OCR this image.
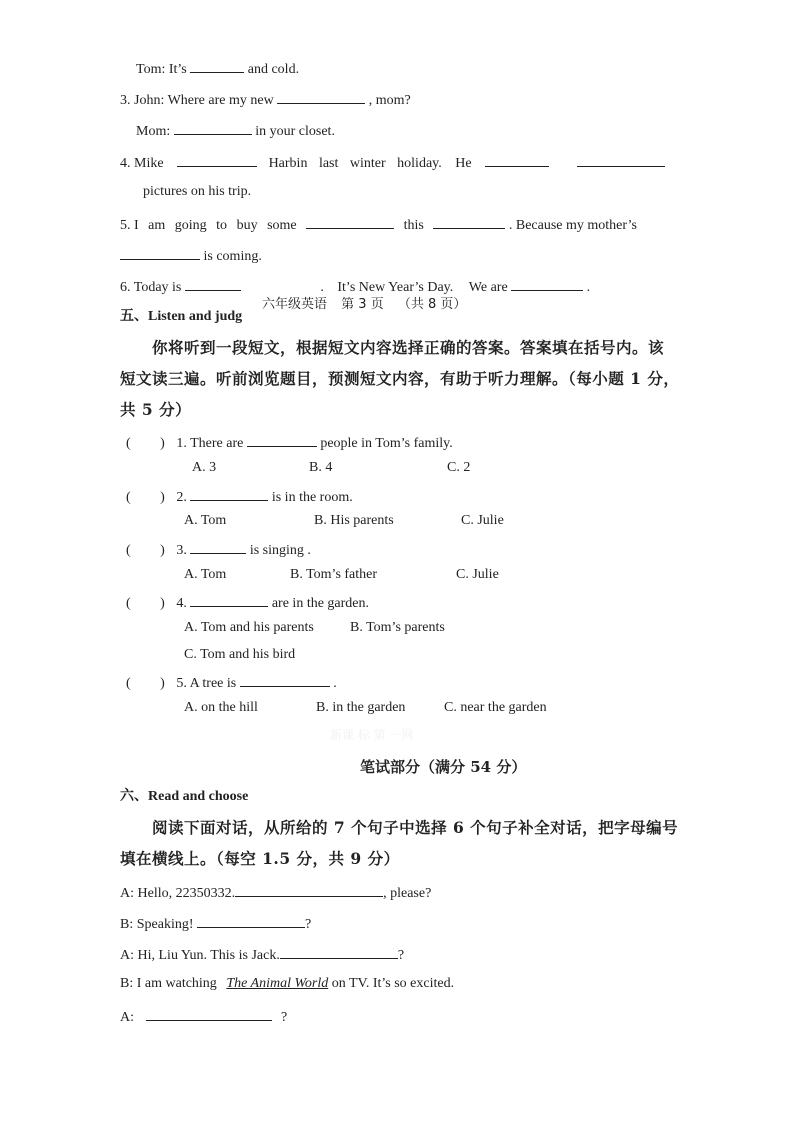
Tom: It’s	and cold.
3. John: Where are my new	, mom?
Mom:	in your closet.
4. Mike	Harbin last winter holiday. He
pictures on his trip.
5. I am going to buy some	this	. Because my mother’s
is coming.
6. Today is	. It’s New Year’s Day. We are	.
六年级英语 第 3 页 （共 8 页）
五、Listen and judg
你将听到一段短文，根据短文内容选择正确的答案。答案填在括号内。该
短文读三遍。听前浏览题目，预测短文内容，有助于听力理解。（每小题 1 分，
共 5 分）
( ) 1. There are	people in Tom’s family.
A. 3	B. 4	C. 2
( ) 2.	is in the room.
A. Tom	B. His parents	C. Julie
( ) 3.	is singing .
A. Tom	B. Tom’s father	C. Julie
( ) 4.	are in the garden.
A. Tom and his parents	B. Tom’s parents
C. Tom and his bird
( ) 5. A tree is	.
A. on the hill	B. in the garden	C. near the garden
新课 标 第 一网
笔试部分（满分 54 分）
六、Read and choose
阅读下面对话，从所给的 7 个句子中选择 6 个句子补全对话，把字母编号
填在横线上。（每空 1.5 分，共 9 分）
A: Hello, 22350332.	, please?
B: Speaking!	?
A: Hi, Liu Yun. This is Jack.	?
B: I am watching The Animal World on TV. It’s so excited.
A:	?
